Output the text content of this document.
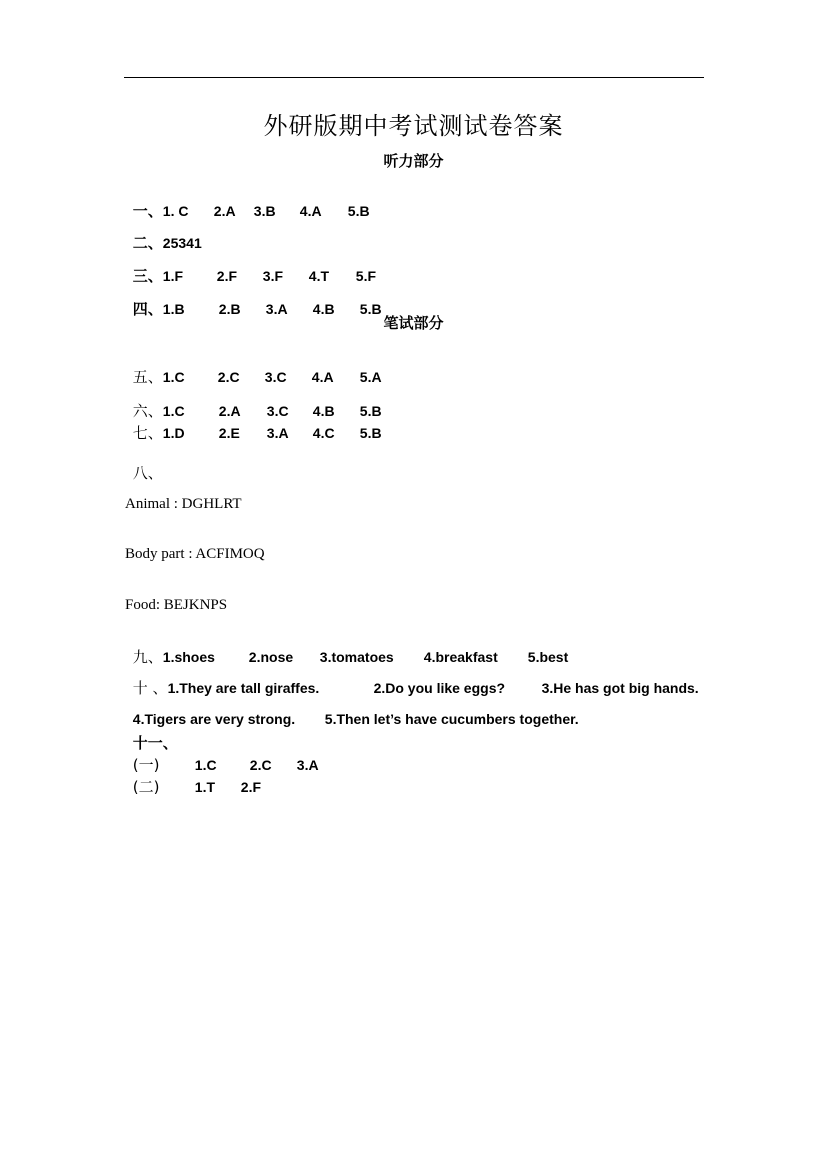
外研版期中考试测试卷答案
听力部分

一、1. C 2.A 3.B 4.A 5.B

二、25341

三、1.F 2.F 3.F 4.T 5.F

四、1.B 2.B 3.A 4.B 5.B

笔试部分

五、1.C 2.C 3.C 4.A 5.A

六、1.C 2.A 3.C 4.B 5.B

七、1.D 2.E 3.A 4.C 5.B

八、

Animal : DGHLRT
Body part : ACFIMOQ
Food: BEJKNPS

九、1.shoes 2.nose 3.tomatoes 4.breakfast 5.best

十 、1.They are tall giraffes.	2.Do you like eggs?	3.He has got big hands.

4.Tigers are very strong. 5.Then let’s have cucumbers together.

十一、

(一)	1.C 2.C 3.A

(二)	1.T 2.F
